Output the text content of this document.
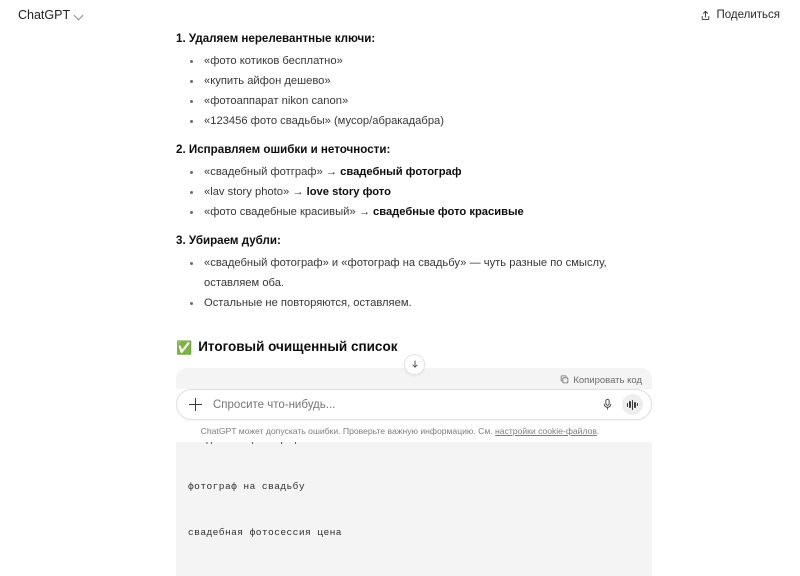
ChatGPT	Поделиться
1. Удаляем нерелевантные ключи:
«фото котиков бесплатно»
«купить айфон дешево»
«фотоаппарат nikon canon»
«123456 фото свадьбы» (мусор/абракадабра)
2. Исправляем ошибки и неточности:
«свадебный фотграф» → свадебный фотограф
«lav story photo» → love story фото
«фото свадебные красивый» → свадебные фото красивые
3. Убираем дубли:
«свадебный фотограф» и «фотограф на свадьбу» — чуть разные по смыслу, оставляем оба.
Остальные не повторяются, оставляем.
✅ Итоговый очищенный список
Копировать код

фотограф на свадьбу

свадебная фотосессия цена

Спросите что-нибудь...
ChatGPT может допускать ошибки. Проверьте важную информацию. См. настройки cookie-файлов.
